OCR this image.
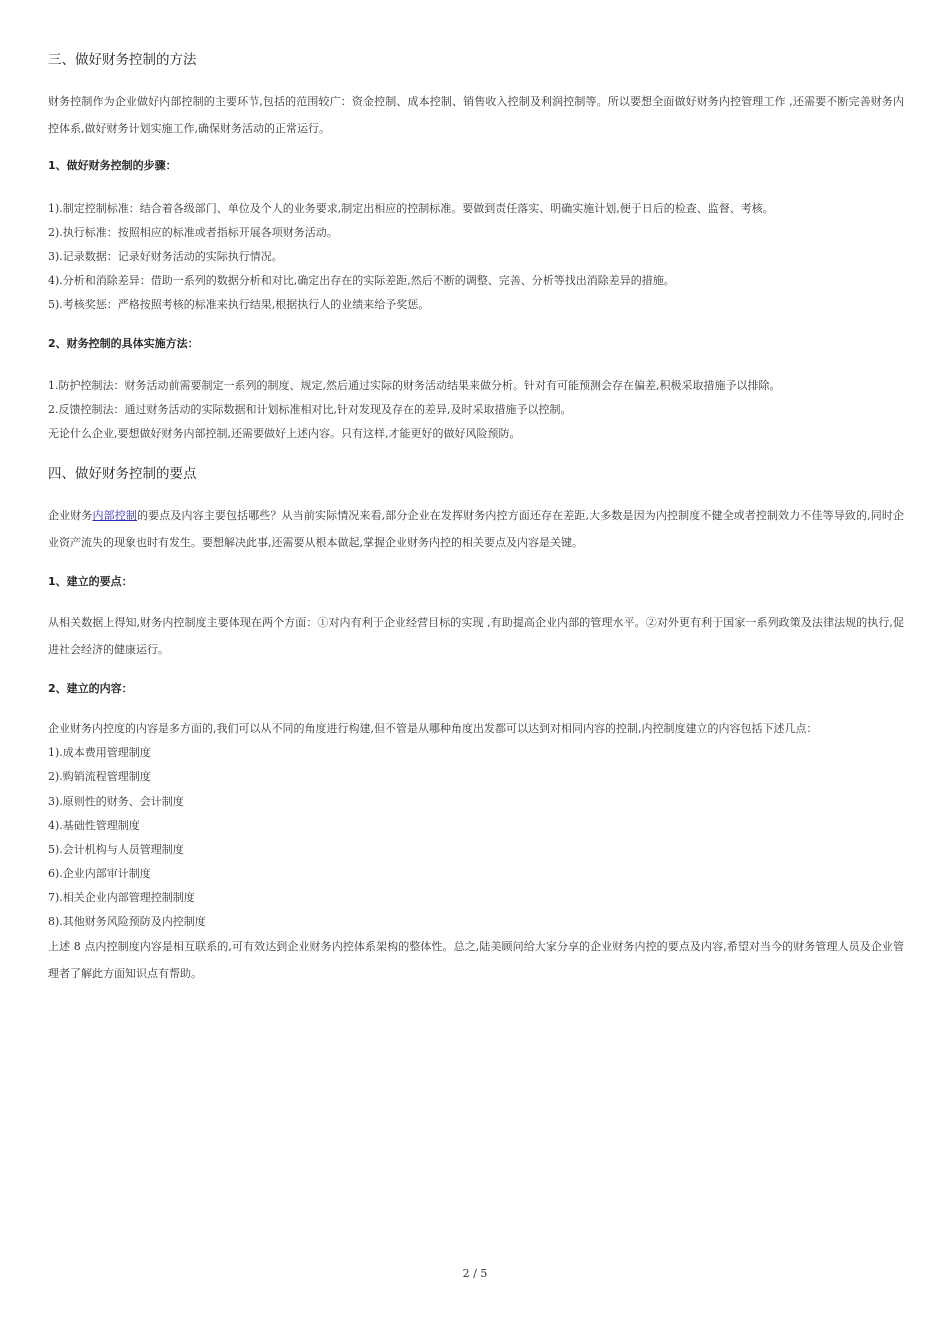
三、做好财务控制的方法
财务控制作为企业做好内部控制的主要环节,包括的范围较广：资金控制、成本控制、销售收入控制及利润控制等。所以要想全面做好财务内控管理工作 ,还需要不断完善财务内控体系,做好财务计划实施工作,确保财务活动的正常运行。
1、做好财务控制的步骤：
1).制定控制标准：结合着各级部门、单位及个人的业务要求,制定出相应的控制标准。要做到责任落实、明确实施计划,便于日后的检查、监督、考核。
2).执行标准：按照相应的标准或者指标开展各项财务活动。
3).记录数据：记录好财务活动的实际执行情况。
4).分析和消除差异：借助一系列的数据分析和对比,确定出存在的实际差距,然后不断的调整、完善、分析等找出消除差异的措施。
5).考核奖惩：严格按照考核的标准来执行结果,根据执行人的业绩来给予奖惩。
2、财务控制的具体实施方法：
1.防护控制法：财务活动前需要制定一系列的制度、规定,然后通过实际的财务活动结果来做分析。针对有可能预测会存在偏差,积极采取措施予以排除。
2.反馈控制法：通过财务活动的实际数据和计划标准相对比,针对发现及存在的差异,及时采取措施予以控制。
无论什么企业,要想做好财务内部控制,还需要做好上述内容。只有这样,才能更好的做好风险预防。
四、做好财务控制的要点
企业财务内部控制的要点及内容主要包括哪些？从当前实际情况来看,部分企业在发挥财务内控方面还存在差距,大多数是因为内控制度不健全或者控制效力不佳等导致的,同时企业资产流失的现象也时有发生。要想解决此事,还需要从根本做起,掌握企业财务内控的相关要点及内容是关键。
1、建立的要点：
从相关数据上得知,财务内控制度主要体现在两个方面：①对内有利于企业经营目标的实现 ,有助提高企业内部的管理水平。②对外更有利于国家一系列政策及法律法规的执行,促进社会经济的健康运行。
2、建立的内容：
企业财务内控度的内容是多方面的,我们可以从不同的角度进行构建,但不管是从哪种角度出发都可以达到对相同内容的控制,内控制度建立的内容包括下述几点：
1).成本费用管理制度
2).购销流程管理制度
3).原则性的财务、会计制度
4).基础性管理制度
5).会计机构与人员管理制度
6).企业内部审计制度
7).相关企业内部管理控制制度
8).其他财务风险预防及内控制度
上述 8 点内控制度内容是相互联系的,可有效达到企业财务内控体系架构的整体性。总之,陆美顾问给大家分享的企业财务内控的要点及内容,希望对当今的财务管理人员及企业管理者了解此方面知识点有帮助。
2 / 5
